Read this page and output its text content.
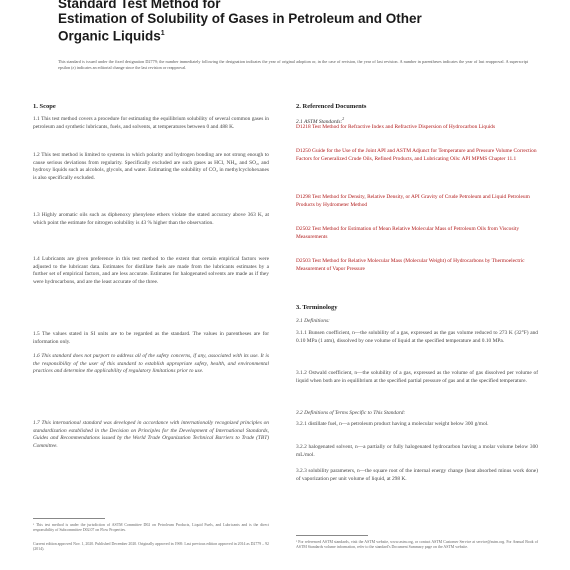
Standard Test Method for
Estimation of Solubility of Gases in Petroleum and Other
Organic Liquids$^1$
This standard is issued under the fixed designation D2779; the number immediately following the designation indicates the year of original adoption or, in the case of revision, the year of last revision. A number in parentheses indicates the year of last reapproval. A superscript epsilon (ε) indicates an editorial change since the last revision or reapproval.
1. Scope
1.1 This test method covers a procedure for estimating the equilibrium solubility of several common gases in petroleum and synthetic lubricants, fuels, and solvents, at temperatures between 0 and 488 K.
1.2 This test method is limited to systems in which polarity and hydrogen bonding are not strong enough to cause serious deviations from regularity. Specifically excluded are such gases as HCl, NH₃, and SO₂, and hydroxy liquids such as alcohols, glycols, and water. Estimating the solubility of CO₂ in methylcyclohexanes is also specifically excluded.
1.3 Highly aromatic oils such as diphenoxy phenylene ethers violate the stated accuracy above 363 K, at which point the estimate for nitrogen solubility is 43 % higher than the observation.
1.4 Lubricants are given preference in this test method to the extent that certain empirical factors were adjusted to the lubricant data. Estimates for distillate fuels are made from the lubricants estimates by a further set of empirical factors, and are less accurate. Estimates for halogenated solvents are made as if they were hydrocarbons, and are the least accurate of the three.
1.5 The values stated in SI units are to be regarded as the standard. The values in parentheses are for information only.
1.6 This standard does not purport to address all of the safety concerns, if any, associated with its use. It is the responsibility of the user of this standard to establish appropriate safety, health, and environmental practices and determine the applicability of regulatory limitations prior to use.
1.7 This international standard was developed in accordance with internationally recognized principles on standardization established in the Decision on Principles for the Development of International Standards, Guides and Recommendations issued by the World Trade Organization Technical Barriers to Trade (TBT) Committee.
¹ This test method is under the jurisdiction of ASTM Committee D02 on Petroleum Products, Liquid Fuels, and Lubricants and is the direct responsibility of Subcommittee D02.07 on Flow Properties.
Current edition approved Nov. 1, 2020. Published December 2020. Originally approved in 1969. Last previous edition approved in 2014 as D2779 – 92 (2014).
2. Referenced Documents
2.1 ASTM Standards:$^2$
D1218 Test Method for Refractive Index and Refractive Dispersion of Hydrocarbon Liquids
D1250 Guide for the Use of the Joint API and ASTM Adjunct for Temperature and Pressure Volume Correction Factors for Generalized Crude Oils, Refined Products, and Lubricating Oils: API MPMS Chapter 11.1
D1298 Test Method for Density, Relative Density, or API Gravity of Crude Petroleum and Liquid Petroleum Products by Hydrometer Method
D2502 Test Method for Estimation of Mean Relative Molecular Mass of Petroleum Oils from Viscosity Measurements
D2503 Test Method for Relative Molecular Mass (Molecular Weight) of Hydrocarbons by Thermoelectric Measurement of Vapor Pressure
3. Terminology
3.1 Definitions:
3.1.1 Bunsen coefficient, n—the solubility of a gas, expressed as the gas volume reduced to 273 K (32°F) and 0.10 MPa (1 atm), dissolved by one volume of liquid at the specified temperature and 0.10 MPa.
3.1.2 Ostwald coefficient, n—the solubility of a gas, expressed as the volume of gas dissolved per volume of liquid when both are in equilibrium at the specified partial pressure of gas and at the specified temperature.
3.2 Definitions of Terms Specific to This Standard:
3.2.1 distillate fuel, n—a petroleum product having a molecular weight below 300 g/mol.
3.2.2 halogenated solvent, n—a partially or fully halogenated hydrocarbon having a molar volume below 300 mL/mol.
3.2.3 solubility parameters, n—the square root of the internal energy change (heat absorbed minus work done) of vaporization per unit volume of liquid, at 298 K.
² For referenced ASTM standards, visit the ASTM website, www.astm.org, or contact ASTM Customer Service at service@astm.org. For Annual Book of ASTM Standards volume information, refer to the standard's Document Summary page on the ASTM website.
